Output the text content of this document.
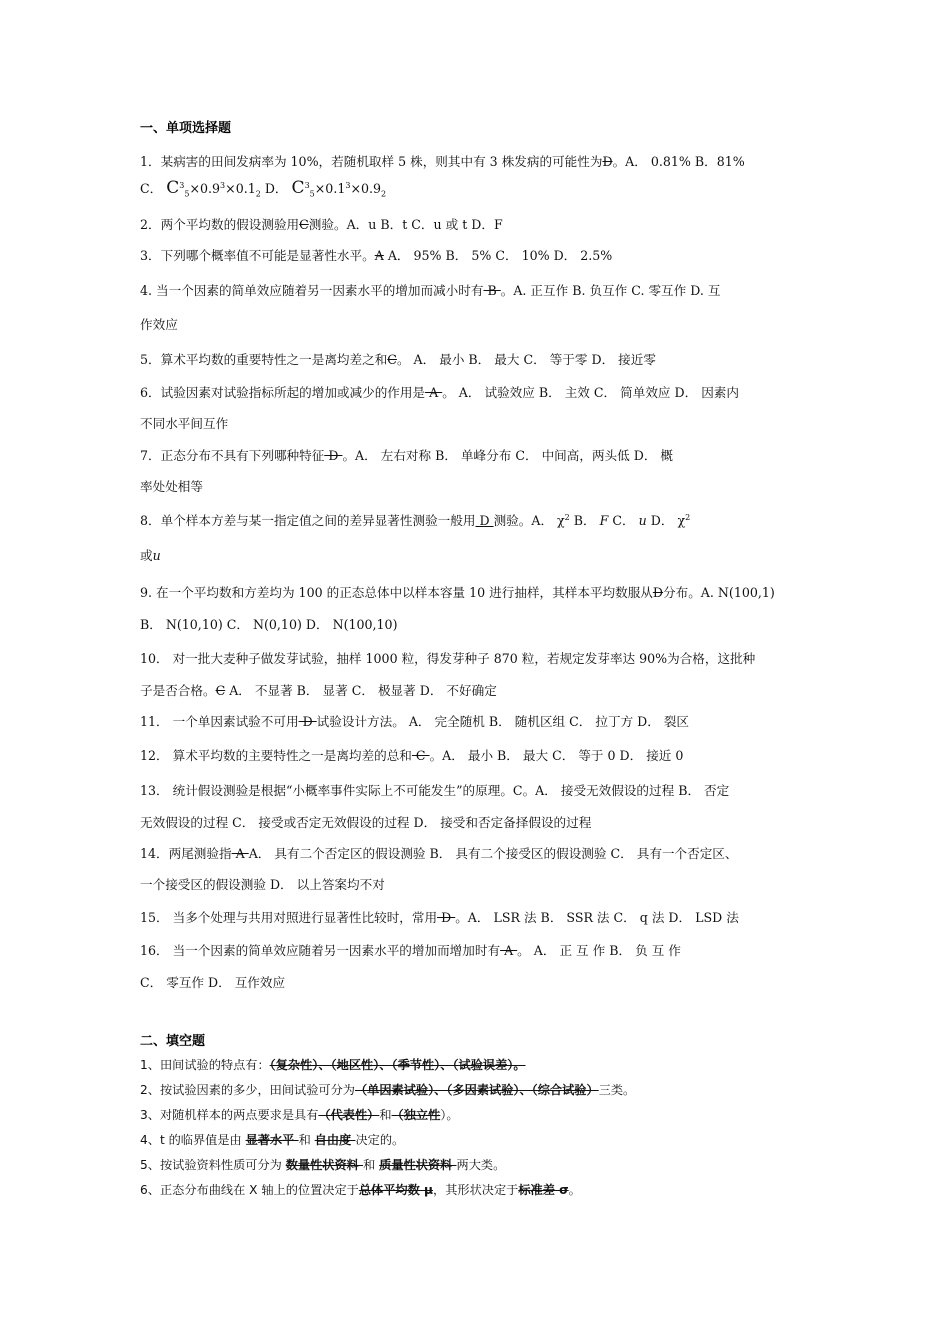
一、单项选择题
1．某病害的田间发病率为 10%，若随机取样 5 株，则其中有 3 株发病的可能性为D。A． 0.81% B．81%
C． $C^3_5\times 0.9^3\times 0.1_2$ D． $C^3_5\times 0.1^3\times 0.9_2$
2．两个平均数的假设测验用C测验。A．u B．t C．u 或 t D．F
3．下列哪个概率值不可能是显著性水平。A A． 95% B． 5% C． 10% D． 2.5%
4. 当一个因素的简单效应随着另一因素水平的增加而减小时有 B 。A. 正互作 B. 负互作 C. 零互作 D. 互
作效应
5．算术平均数的重要特性之一是离均差之和C。 A． 最小 B． 最大 C． 等于零 D． 接近零
6．试验因素对试验指标所起的增加或减少的作用是 A 。 A． 试验效应 B． 主效 C． 简单效应 D． 因素内
不同水平间互作
7．正态分布不具有下列哪种特征 D 。A． 左右对称 B． 单峰分布 C． 中间高，两头低 D． 概
率处处相等
8．单个样本方差与某一指定值之间的差异显著性测验一般用 D 测验。A． $\chi^2$ B． F C． u D． $\chi^2$
或u
9. 在一个平均数和方差均为 100 的正态总体中以样本容量 10 进行抽样，其样本平均数服从D分布。A. N(100,1)
B． N(10,10) C． N(0,10) D． N(100,10)
10． 对一批大麦种子做发芽试验，抽样 1000 粒，得发芽种子 870 粒，若规定发芽率达 90%为合格，这批种
子是否合格。C A． 不显著 B． 显著 C． 极显著 D． 不好确定
11． 一个单因素试验不可用 D 试验设计方法。 A． 完全随机 B． 随机区组 C． 拉丁方 D． 裂区
12． 算术平均数的主要特性之一是离均差的总和 C 。A． 最小 B． 最大 C． 等于 0 D． 接近 0
13． 统计假设测验是根据“小概率事件实际上不可能发生”的原理。C。A． 接受无效假设的过程 B． 否定
无效假设的过程 C． 接受或否定无效假设的过程 D． 接受和否定备择假设的过程
14．两尾测验指 A A． 具有二个否定区的假设测验 B． 具有二个接受区的假设测验 C． 具有一个否定区、
一个接受区的假设测验 D． 以上答案均不对
15． 当多个处理与共用对照进行显著性比较时，常用 D 。A． LSR 法 B． SSR 法 C． q 法 D． LSD 法
16． 当一个因素的简单效应随着另一因素水平的增加而增加时有 A 。 A． 正 互 作 B． 负 互 作
C． 零互作 D． 互作效应
二、填空题
1、田间试验的特点有：（复杂性）、（地区性）、（季节性）、（试验误差）。
2、按试验因素的多少，田间试验可分为（单因素试验）、（多因素试验）、（综合试验）三类。
3、对随机样本的两点要求是具有（代表性）和（独立性）。
4、t 的临界值是由 显著水平 和 自由度 决定的。
5、按试验资料性质可分为 数量性状资料 和 质量性状资料 两大类。
6、正态分布曲线在 X 轴上的位置决定于总体平均数 μ，其形状决定于标准差 σ。
